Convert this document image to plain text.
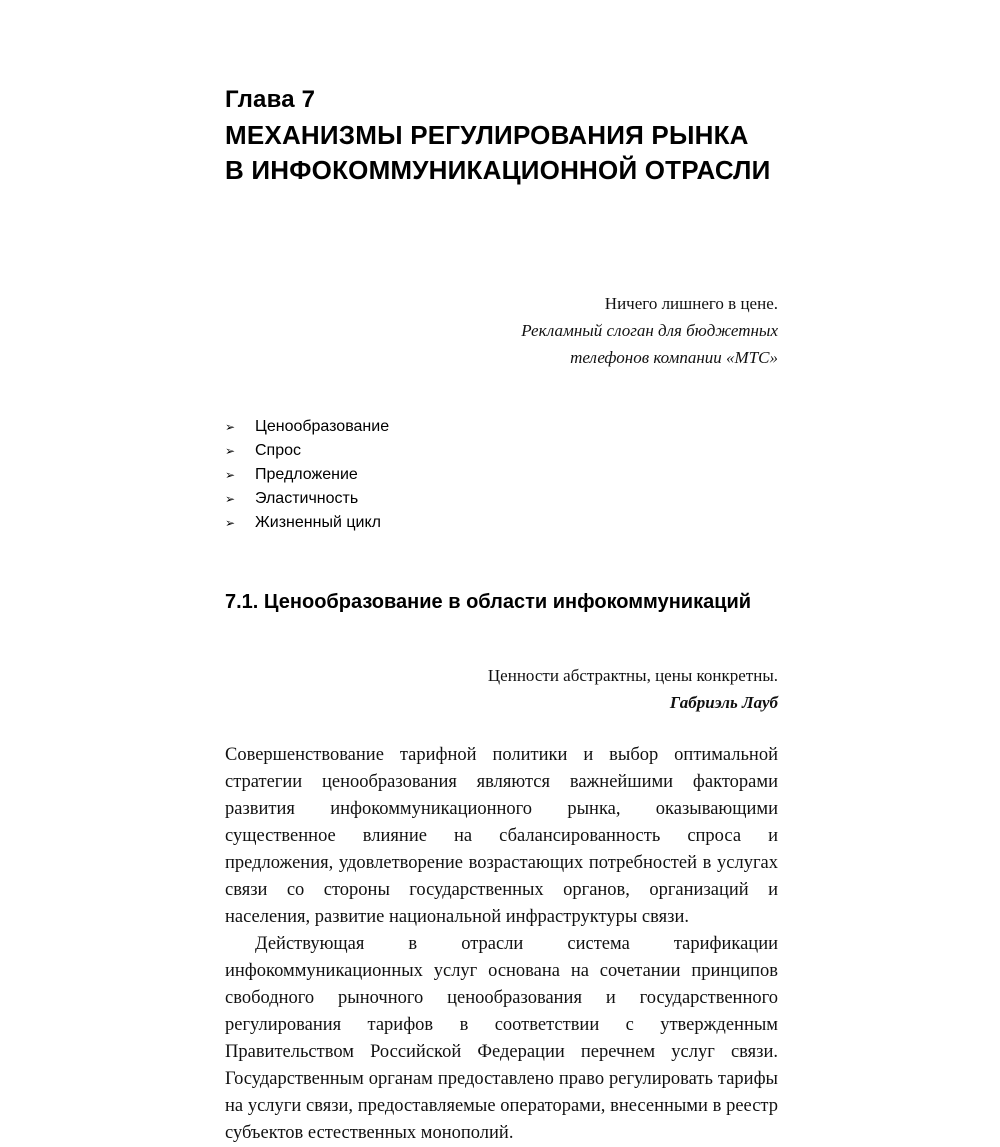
Глава 7
МЕХАНИЗМЫ РЕГУЛИРОВАНИЯ РЫНКА
В ИНФОКОММУНИКАЦИОННОЙ ОТРАСЛИ
Ничего лишнего в цене.
Рекламный слоган для бюджетных
телефонов компании «МТС»
➢	Ценообразование
➢	Спрос
➢	Предложение
➢	Эластичность
➢	Жизненный цикл
7.1. Ценообразование в области инфокоммуникаций
Ценности абстрактны, цены конкретны.
Габриэль Лауб

Совершенствование тарифной политики и выбор оптимальной стратегии ценообразования являются важнейшими факторами развития инфокоммуникационного рынка, оказывающими существенное влияние на сбалансированность спроса и предложения, удовлетворение возрастающих потребностей в услугах связи со стороны государственных органов, организаций и населения, развитие национальной инфраструктуры связи.

Действующая в отрасли система тарификации инфокоммуникационных услуг основана на сочетании принципов свободного рыночного ценообразования и государственного регулирования тарифов в соответствии с утвержденным Правительством Российской Федерации перечнем услуг связи. Государственным органам предоставлено право регулировать тарифы на услуги связи, предоставляемые операторами, внесенными в реестр субъектов естественных монополий.
